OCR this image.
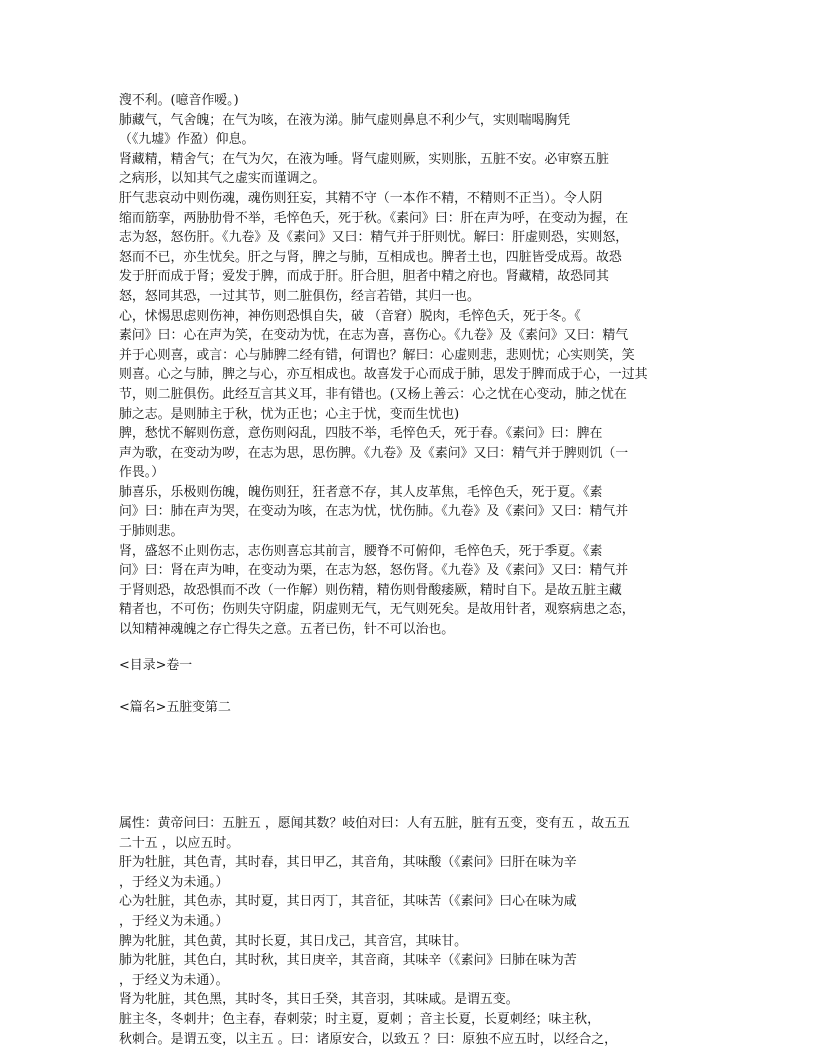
溲不利。(噫音作嗳。)
肺藏气，气舍魄；在气为咳，在液为涕。肺气虚则鼻息不利少气，实则喘喝胸凭
（《九墟》作盈）仰息。
肾藏精，精舍气；在气为欠，在液为唾。肾气虚则厥，实则胀，五脏不安。必审察五脏
之病形，以知其气之虚实而谨调之。
肝气悲哀动中则伤魂，魂伤则狂妄，其精不守（一本作不精，不精则不正当）。令人阴
缩而筋挛，两胁肋骨不举，毛悴色夭，死于秋。《素问》曰：肝在声为呼，在变动为握，在
志为怒，怒伤肝。《九卷》及《素问》又曰：精气并于肝则忧。解曰：肝虚则恐，实则怒，
怒而不已，亦生忧矣。肝之与肾，脾之与肺，互相成也。脾者土也，四脏皆受成焉。故恐
发于肝而成于肾；爱发于脾，而成于肝。肝合胆，胆者中精之府也。肾藏精，故恐同其
怒，怒同其恐，一过其节，则二脏俱伤，经言若错，其归一也。
心，怵惕思虑则伤神，神伤则恐惧自失，破 （音窘）脱肉，毛悴色夭，死于冬。《
素问》曰：心在声为笑，在变动为忧，在志为喜，喜伤心。《九卷》及《素问》又曰：精气
并于心则喜，或言：心与肺脾二经有错，何谓也？解曰：心虚则悲，悲则忧；心实则笑，笑
则喜。心之与肺，脾之与心，亦互相成也。故喜发于心而成于肺，思发于脾而成于心，一过其
节，则二脏俱伤。此经互言其义耳，非有错也。(又杨上善云：心之忧在心变动，肺之忧在
肺之志。是则肺主于秋，忧为正也；心主于忧，变而生忧也)
脾，愁忧不解则伤意，意伤则闷乱，四肢不举，毛悴色夭，死于春。《素问》曰：脾在
声为歌，在变动为哕，在志为思，思伤脾。《九卷》及《素问》又曰：精气并于脾则饥（一
作畏。）
肺喜乐，乐极则伤魄，魄伤则狂，狂者意不存，其人皮革焦，毛悴色夭，死于夏。《素
问》曰：肺在声为哭，在变动为咳，在志为忧，忧伤肺。《九卷》及《素问》又曰：精气并
于肺则悲。
肾，盛怒不止则伤志，志伤则喜忘其前言，腰脊不可俯仰，毛悴色夭，死于季夏。《素
问》曰：肾在声为呻，在变动为栗，在志为怒，怒伤肾。《九卷》及《素问》又曰：精气并
于肾则恐，故恐惧而不改（一作解）则伤精，精伤则骨酸痿厥，精时自下。是故五脏主藏
精者也，不可伤；伤则失守阴虚，阴虚则无气，无气则死矣。是故用针者，观察病患之态，
以知精神魂魄之存亡得失之意。五者已伤，针不可以治也。
<目录>卷一
<篇名>五脏变第二
属性：黄帝问曰：五脏五 ，愿闻其数？岐伯对曰：人有五脏，脏有五变，变有五 ，故五五
二十五 ，以应五时。
肝为牡脏，其色青，其时春，其日甲乙，其音角，其味酸（《素问》曰肝在味为辛
，于经义为未通。）
心为牡脏，其色赤，其时夏，其日丙丁，其音征，其味苦（《素问》曰心在味为咸
，于经义为未通。）
脾为牝脏，其色黄，其时长夏，其日戊己，其音宫，其味甘。
肺为牝脏，其色白，其时秋，其日庚辛，其音商，其味辛（《素问》曰肺在味为苦
，于经义为未通）。
肾为牝脏，其色黑，其时冬，其日壬癸，其音羽，其味咸。是谓五变。
脏主冬，冬刺井；色主春，春刺荥；时主夏，夏刺 ；音主长夏，长夏刺经；味主秋，
秋刺合。是谓五变，以主五 。曰：诸原安合，以致五 ？曰：原独不应五时，以经合之，
